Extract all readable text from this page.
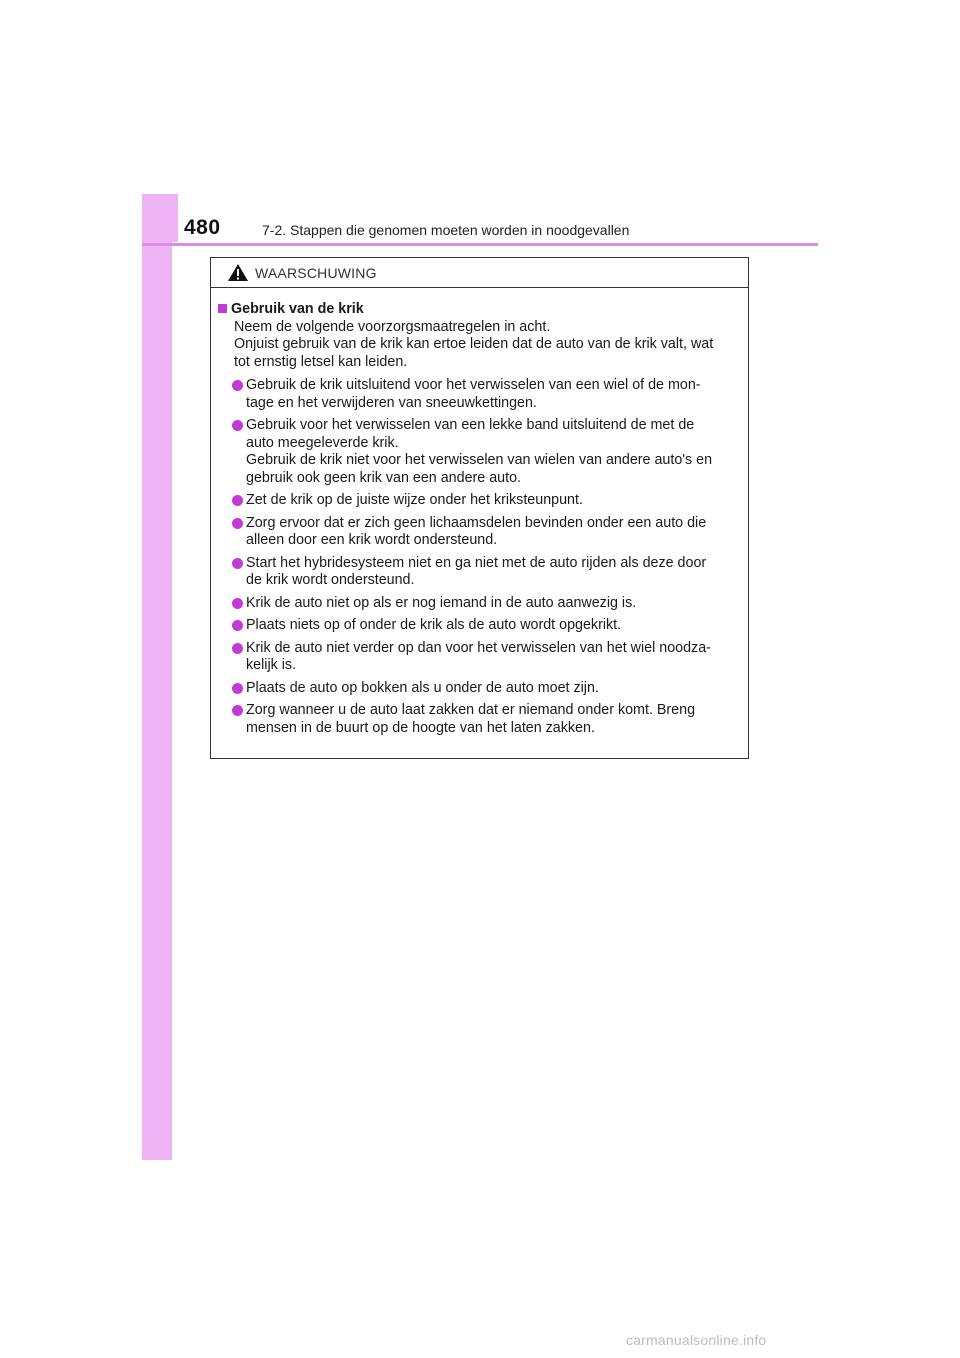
480	7-2. Stappen die genomen moeten worden in noodgevallen
WAARSCHUWING
Gebruik van de krik
Neem de volgende voorzorgsmaatregelen in acht.
Onjuist gebruik van de krik kan ertoe leiden dat de auto van de krik valt, wat
tot ernstig letsel kan leiden.
Gebruik de krik uitsluitend voor het verwisselen van een wiel of de mon-
tage en het verwijderen van sneeuwkettingen.
Gebruik voor het verwisselen van een lekke band uitsluitend de met de
auto meegeleverde krik.
Gebruik de krik niet voor het verwisselen van wielen van andere auto's en
gebruik ook geen krik van een andere auto.
Zet de krik op de juiste wijze onder het kriksteunpunt.
Zorg ervoor dat er zich geen lichaamsdelen bevinden onder een auto die
alleen door een krik wordt ondersteund.
Start het hybridesysteem niet en ga niet met de auto rijden als deze door
de krik wordt ondersteund.
Krik de auto niet op als er nog iemand in de auto aanwezig is.
Plaats niets op of onder de krik als de auto wordt opgekrikt.
Krik de auto niet verder op dan voor het verwisselen van het wiel noodza-
kelijk is.
Plaats de auto op bokken als u onder de auto moet zijn.
Zorg wanneer u de auto laat zakken dat er niemand onder komt. Breng
mensen in de buurt op de hoogte van het laten zakken.
carmanualsonline.info
